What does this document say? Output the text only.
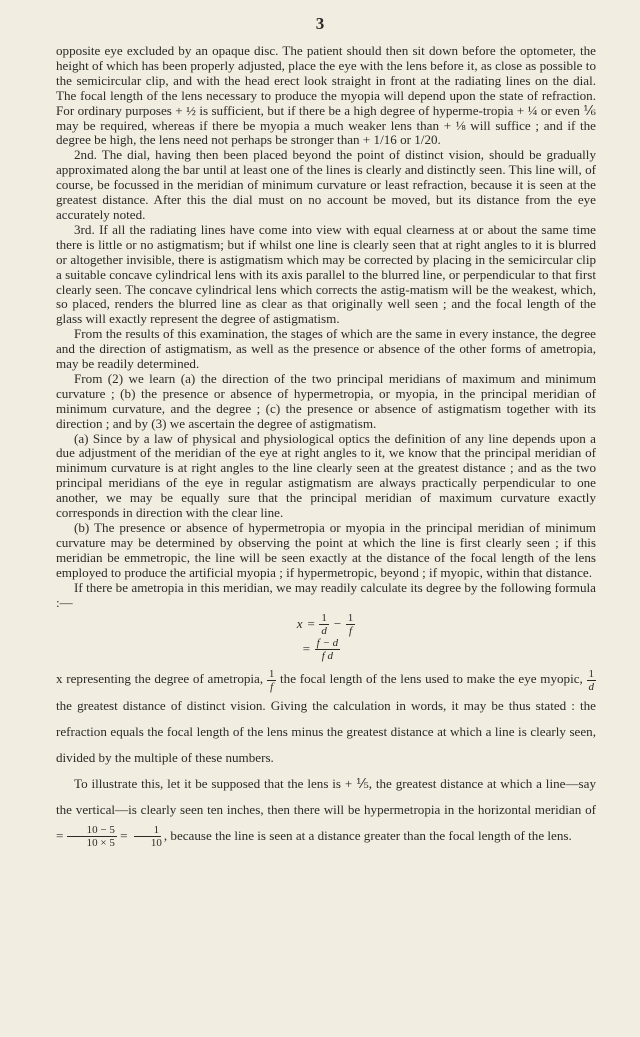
3

opposite eye excluded by an opaque disc. The patient should then sit down before the optometer, the height of which has been properly adjusted, place the eye with the lens before it, as close as possible to the semicircular clip, and with the head erect look straight in front at the radiating lines on the dial. The focal length of the lens necessary to produce the myopia will depend upon the state of refraction. For ordinary purposes + ½ is sufficient, but if there be a high degree of hyperme-tropia + ¼ or even ⅙ may be required, whereas if there be myopia a much weaker lens than + ⅛ will suffice ; and if the degree be high, the lens need not perhaps be stronger than + 1/16 or 1/20.

2nd. The dial, having then been placed beyond the point of distinct vision, should be gradually approximated along the bar until at least one of the lines is clearly and distinctly seen. This line will, of course, be focussed in the meridian of minimum curvature or least refraction, because it is seen at the greatest distance. After this the dial must on no account be moved, but its distance from the eye accurately noted.

3rd. If all the radiating lines have come into view with equal clearness at or about the same time there is little or no astigmatism; but if whilst one line is clearly seen that at right angles to it is blurred or altogether invisible, there is astigmatism which may be corrected by placing in the semicircular clip a suitable concave cylindrical lens with its axis parallel to the blurred line, or perpendicular to that first clearly seen. The concave cylindrical lens which corrects the astig-matism will be the weakest, which, so placed, renders the blurred line as clear as that originally well seen ; and the focal length of the glass will exactly represent the degree of astigmatism.

From the results of this examination, the stages of which are the same in every instance, the degree and the direction of astigmatism, as well as the presence or absence of the other forms of ametropia, may be readily determined.

From (2) we learn (a) the direction of the two principal meridians of maximum and minimum curvature ; (b) the presence or absence of hypermetropia, or myopia, in the principal meridian of minimum curvature, and the degree ; (c) the presence or absence of astigmatism together with its direction ; and by (3) we ascertain the degree of astigmatism.

(a) Since by a law of physical and physiological optics the definition of any line depends upon a due adjustment of the meridian of the eye at right angles to it, we know that the principal meridian of minimum curvature is at right angles to the line clearly seen at the greatest distance ; and as the two principal meridians of the eye in regular astigmatism are always practically perpendicular to one another, we may be equally sure that the principal meridian of maximum curvature exactly corresponds in direction with the clear line.

(b) The presence or absence of hypermetropia or myopia in the principal meridian of minimum curvature may be determined by observing the point at which the line is first clearly seen ; if this meridian be emmetropic, the line will be seen exactly at the distance of the focal length of the lens employed to produce the artificial myopia ; if hypermetropic, beyond ; if myopic, within that distance.

If there be ametropia in this meridian, we may readily calculate its degree by the following formula :—

$x = \frac{1}{d} - \frac{1}{f}$
= $\frac{f - d}{\text{f d}}$

x representing the degree of ametropia, $\frac{1}{f}$ the focal length of the lens used to make the eye myopic, $\frac{1}{d}$
the greatest distance of distinct vision. Giving the calculation in words, it may be thus stated : the refraction equals the focal length of the lens minus the greatest distance at which a line is clearly seen, divided by the multiple of these numbers.

To illustrate this, let it be supposed that the lens is + ⅕, the greatest distance at which a line—say the vertical—is clearly seen ten inches, then there will be hypermetropia in the horizontal meridian of = $\frac{10 - 5}{10 \times 5} = \frac{1}{10}$ , because the line is seen at a distance greater than the focal length of the lens.
